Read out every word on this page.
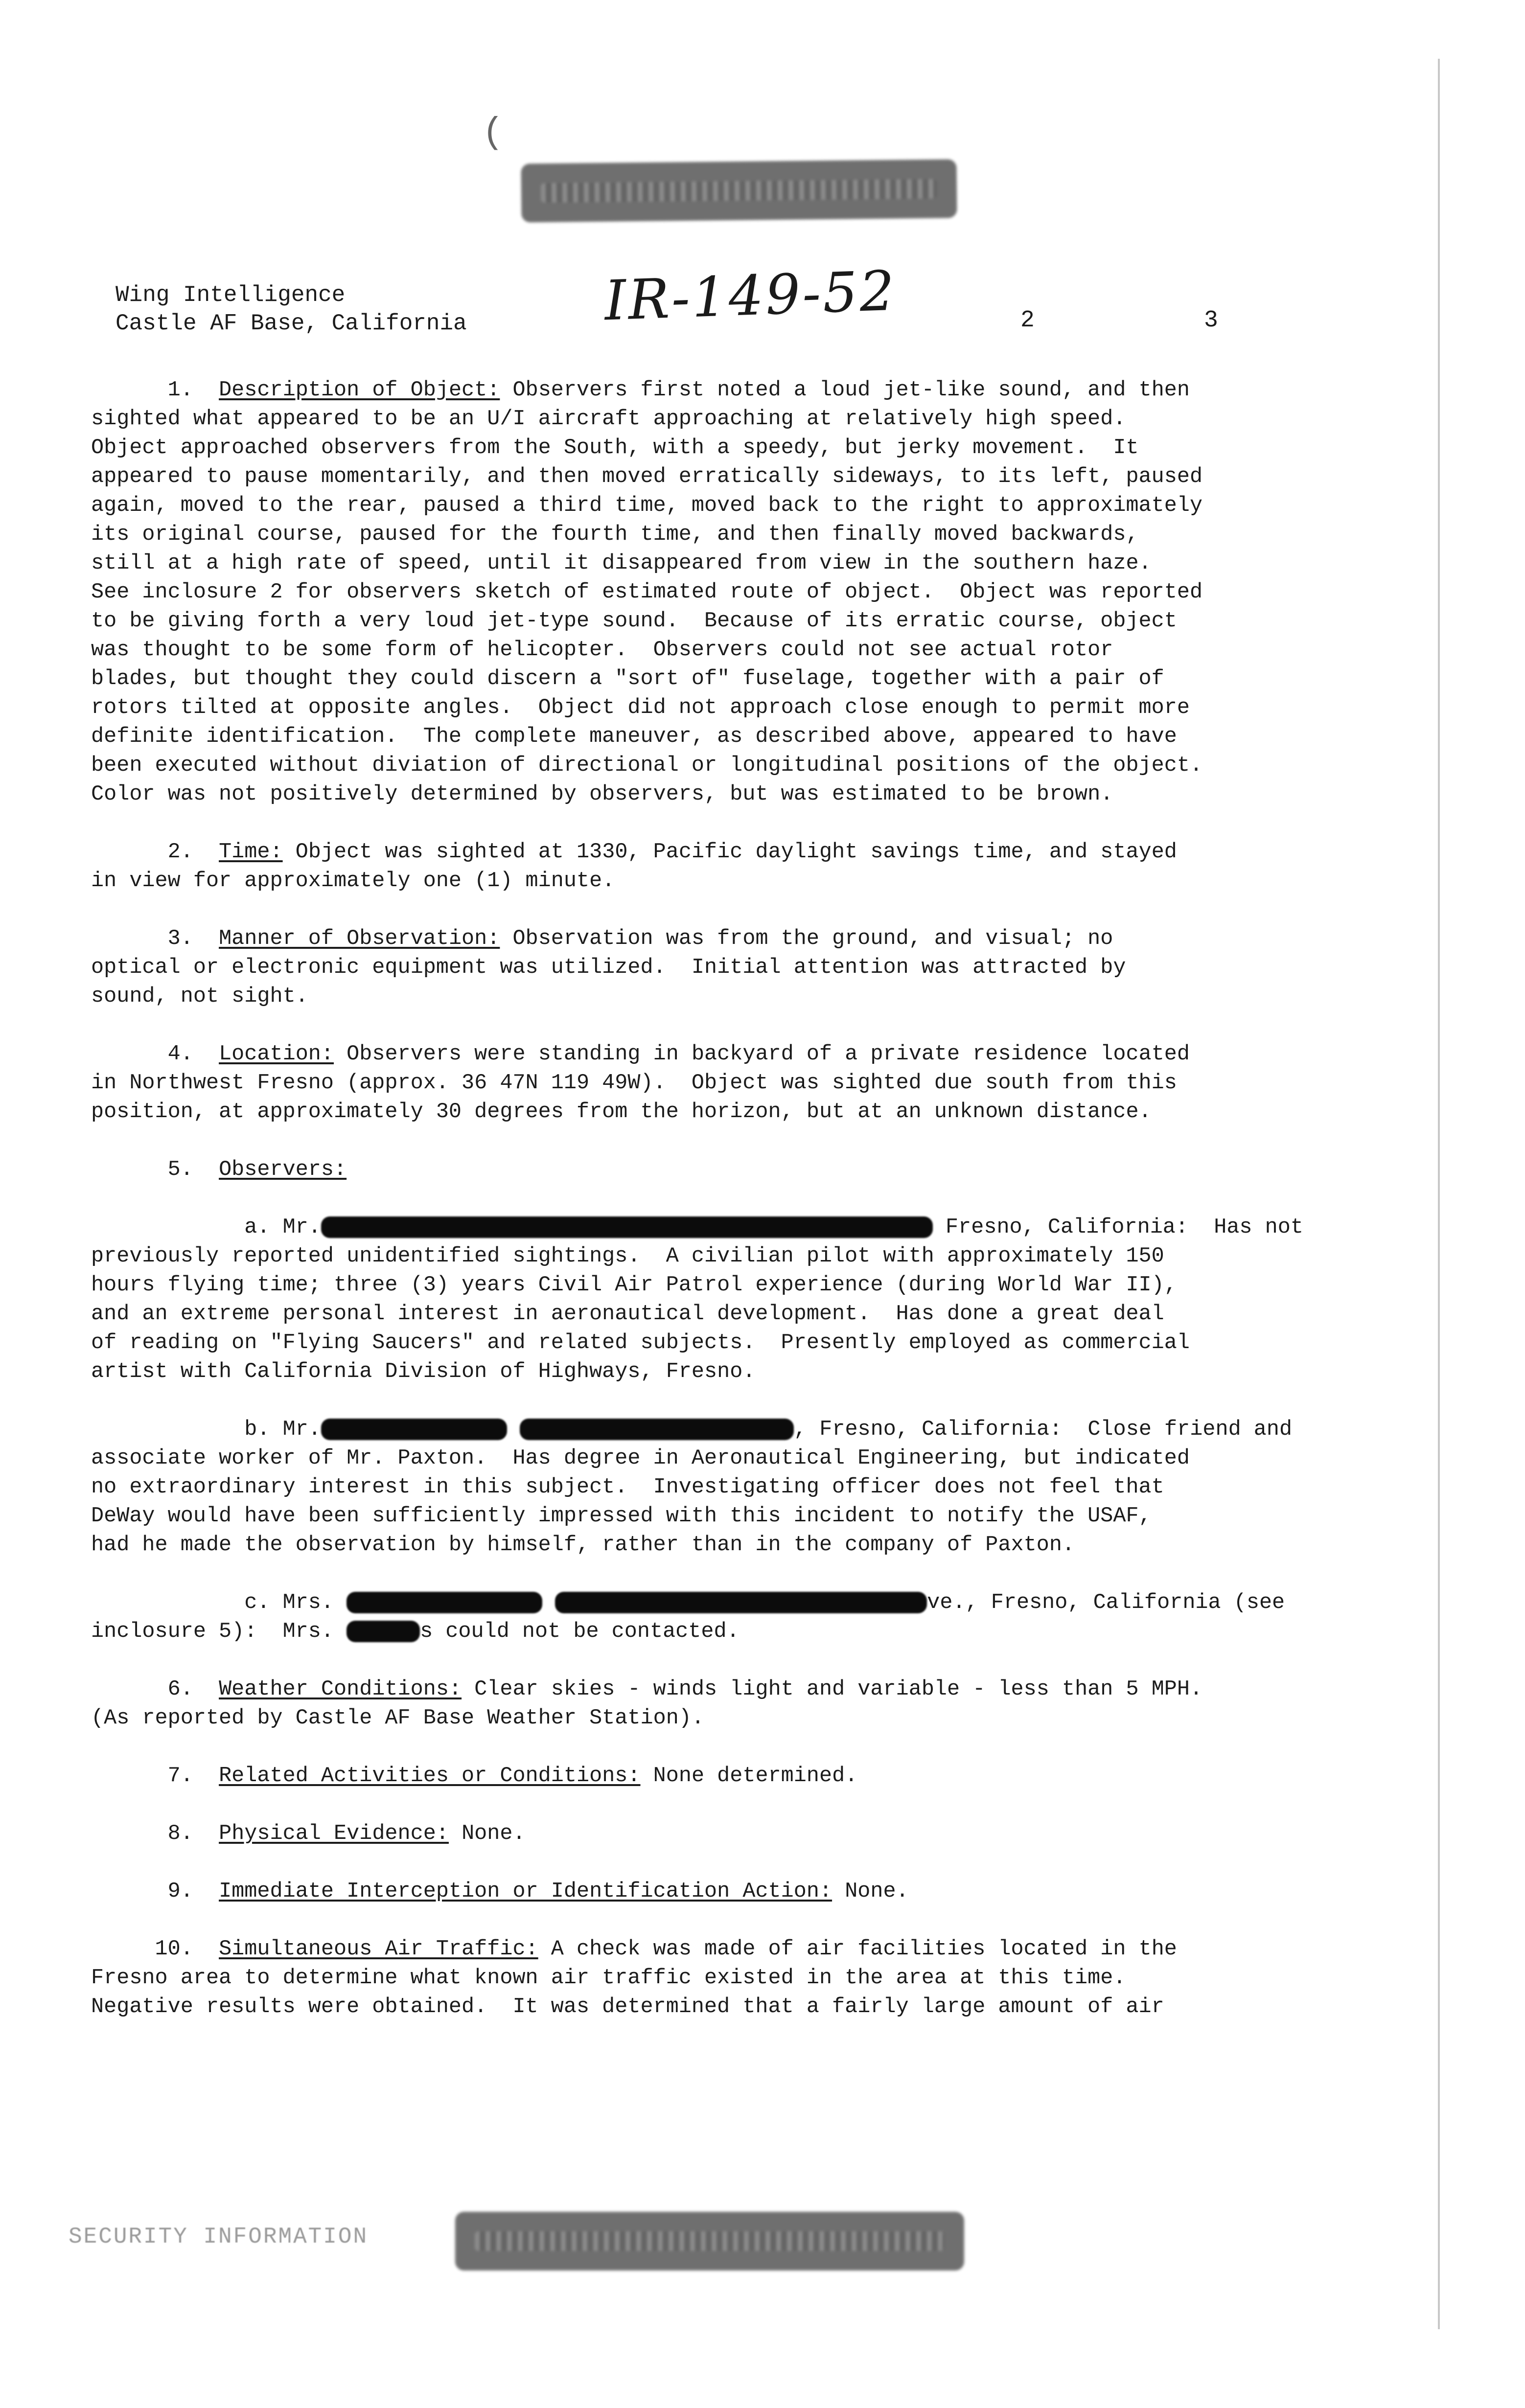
(
Wing Intelligence
Castle AF Base, California IR-149-52	2	3

1. Description of Object: Observers first noted a loud jet-like sound, and then

sighted what appeared to be an U/I aircraft approaching at relatively high speed.

Object approached observers from the South, with a speedy, but jerky movement.  It

appeared to pause momentarily, and then moved erratically sideways, to its left, paused

again, moved to the rear, paused a third time, moved back to the right to approximately

its original course, paused for the fourth time, and then finally moved backwards,

still at a high rate of speed, until it disappeared from view in the southern haze.

See inclosure 2 for observers sketch of estimated route of object.  Object was reported

to be giving forth a very loud jet-type sound.  Because of its erratic course, object

was thought to be some form of helicopter.  Observers could not see actual rotor

blades, but thought they could discern a "sort of" fuselage, together with a pair of

rotors tilted at opposite angles.  Object did not approach close enough to permit more

definite identification.  The complete maneuver, as described above, appeared to have

been executed without diviation of directional or longitudinal positions of the object.

Color was not positively determined by observers, but was estimated to be brown.

2. Time: Object was sighted at 1330, Pacific daylight savings time, and stayed

in view for approximately one (1) minute.

3. Manner of Observation: Observation was from the ground, and visual; no

optical or electronic equipment was utilized.  Initial attention was attracted by

sound, not sight.

4. Location: Observers were standing in backyard of a private residence located

in Northwest Fresno (approx. 36 47N 119 49W).  Object was sighted due south from this

position, at approximately 30 degrees from the horizon, but at an unknown distance.

5. Observers:

a. Mr.	Fresno, California:  Has not

previously reported unidentified sightings.  A civilian pilot with approximately 150

hours flying time; three (3) years Civil Air Patrol experience (during World War II),

and an extreme personal interest in aeronautical development.  Has done a great deal

of reading on "Flying Saucers" and related subjects.  Presently employed as commercial

artist with California Division of Highways, Fresno.

b. Mr.	, Fresno, California:  Close friend and

associate worker of Mr. Paxton.  Has degree in Aeronautical Engineering, but indicated

no extraordinary interest in this subject.  Investigating officer does not feel that

DeWay would have been sufficiently impressed with this incident to notify the USAF,

had he made the observation by himself, rather than in the company of Paxton.

c. Mrs.	ve., Fresno, California (see

inclosure 5):  Mrs.	s could not be contacted.

6. Weather Conditions: Clear skies - winds light and variable - less than 5 MPH.

(As reported by Castle AF Base Weather Station).

7. Related Activities or Conditions: None determined.

8. Physical Evidence: None.

9. Immediate Interception or Identification Action: None.

10. Simultaneous Air Traffic: A check was made of air facilities located in the

Fresno area to determine what known air traffic existed in the area at this time.

Negative results were obtained.  It was determined that a fairly large amount of air

SECURITY INFORMATION
